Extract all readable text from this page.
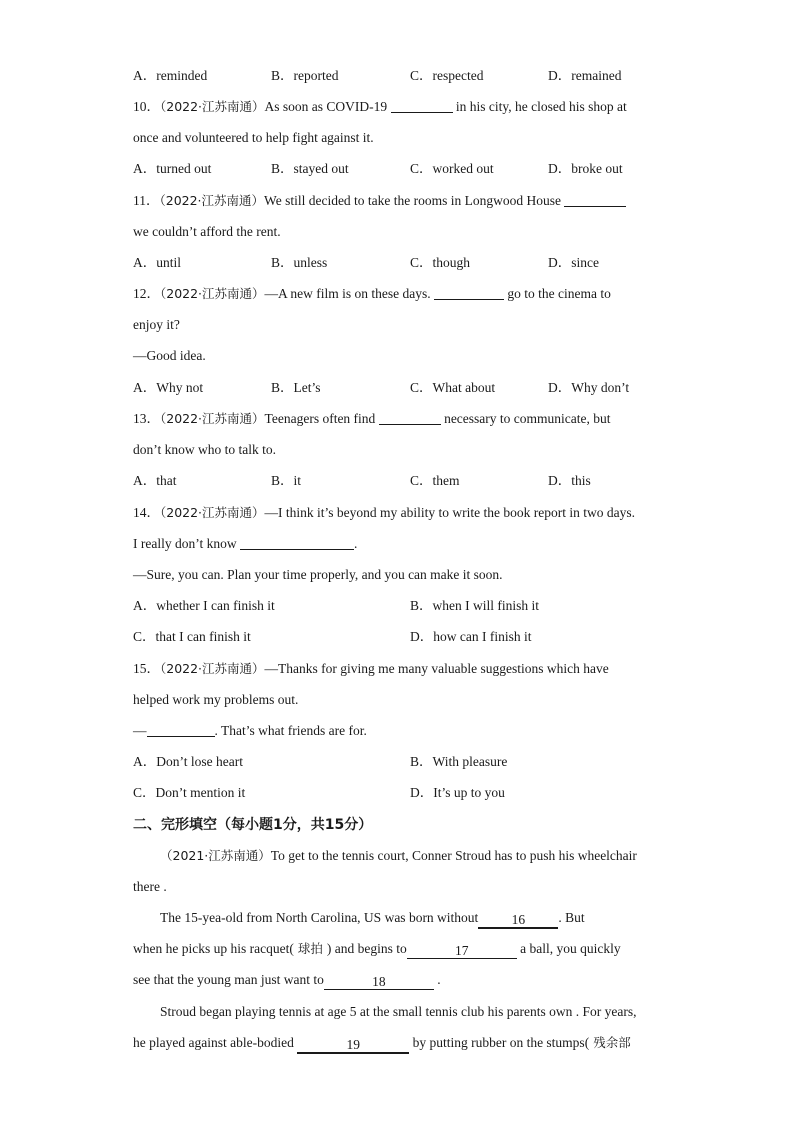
A．reminded	B．reported	C．respected	D．remained
10．（2022·江苏南通）As soon as COVID-19	in his city, he closed his shop at
once and volunteered to help fight against it.
A．turned out	B．stayed out	C．worked out	D．broke out
11．（2022·江苏南通）We still decided to take the rooms in Longwood House
we couldn’t afford the rent.
A．until	B．unless	C．though	D．since
12．（2022·江苏南通）—A new film is on these days.	go to the cinema to
enjoy it?
—Good idea.
A．Why not	B．Let’s	C．What about	D．Why don’t
13．（2022·江苏南通）Teenagers often find	necessary to communicate, but
don’t know who to talk to.
A．that	B．it	C．them	D．this
14．（2022·江苏南通）—I think it’s beyond my ability to write the book report in two days.
I really don’t know	.
—Sure, you can. Plan your time properly, and you can make it soon.
A．whether I can finish it	B．when I will finish it
C．that I can finish it	D．how can I finish it
15．（2022·江苏南通）—Thanks for giving me many valuable suggestions which have
helped work my problems out.
—	. That’s what friends are for.
A．Don’t lose heart	B．With pleasure
C．Don’t mention it	D．It’s up to you
二、完形填空（每小题1分，共15分）
（2021·江苏南通）To get to the tennis court, Conner Stroud has to push his wheelchair
there .
The 15-yea-old from North Carolina, US was born without 16 . But
when he picks up his racquet( 球拍 ) and begins to	17	a ball, you quickly
see that the young man just want to	18	.
Stroud began playing tennis at age 5 at the small tennis club his parents own . For years,
he played against able-bodied	19	by putting rubber on the stumps( 残余部
